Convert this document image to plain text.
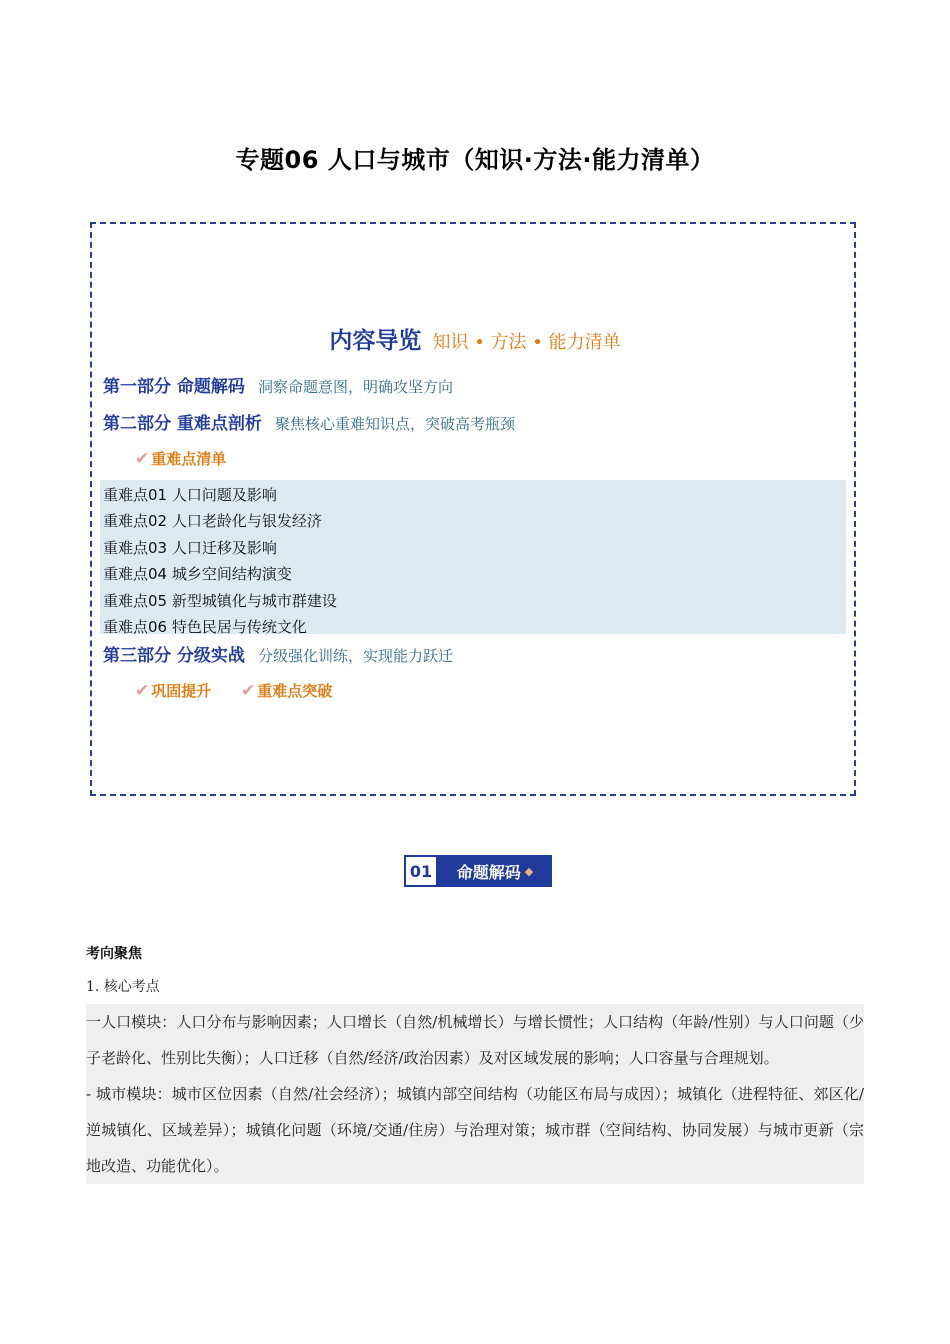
专题06 人口与城市（知识·方法·能力清单）
内容导览 知识 • 方法 • 能力清单
第一部分 命题解码 洞察命题意图，明确攻坚方向
第二部分 重难点剖析 聚焦核心重难知识点，突破高考瓶颈
✔ 重难点清单
重难点01 人口问题及影响
重难点02 人口老龄化与银发经济
重难点03 人口迁移及影响
重难点04 城乡空间结构演变
重难点05 新型城镇化与城市群建设
重难点06 特色民居与传统文化
第三部分 分级实战 分级强化训练，实现能力跃迁
✔ 巩固提升 ✔ 重难点突破
01	命题解码 ◆
考向聚焦
1. 核心考点

一人口模块：人口分布与影响因素；人口增长（自然/机械增长）与增长惯性；人口结构（年龄/性别）与人口问题（少子老龄化、性别比失衡）；人口迁移（自然/经济/政治因素）及对区域发展的影响；人口容量与合理规划。

- 城市模块：城市区位因素（自然/社会经济）；城镇内部空间结构（功能区布局与成因）；城镇化（进程特征、郊区化/逆城镇化、区域差异）；城镇化问题（环境/交通/住房）与治理对策；城市群（空间结构、协同发展）与城市更新（宗地改造、功能优化）。
